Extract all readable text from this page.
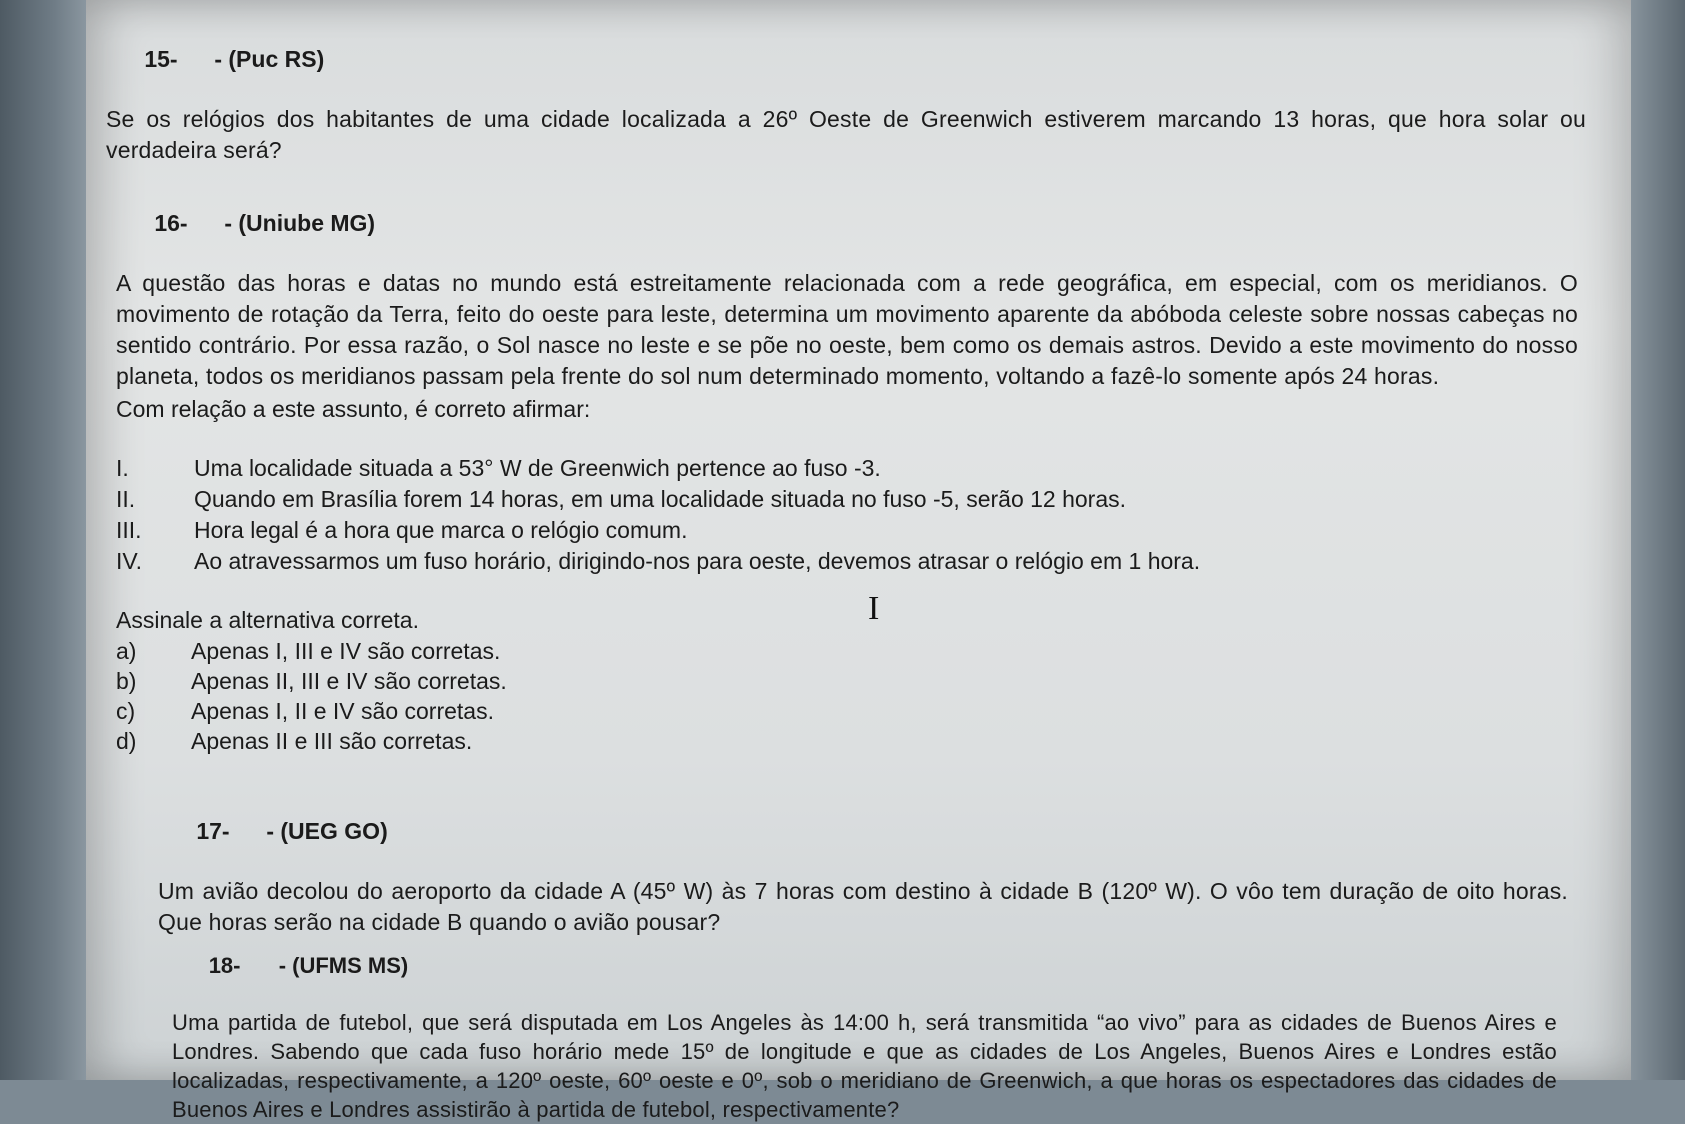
15- - (Puc RS)

Se os relógios dos habitantes de uma cidade localizada a 26º Oeste de Greenwich estiverem marcando 13 horas, que hora solar ou verdadeira será?

16- - (Uniube MG)

A questão das horas e datas no mundo está estreitamente relacionada com a rede geográfica, em especial, com os meridianos. O movimento de rotação da Terra, feito do oeste para leste, determina um movimento aparente da abóboda celeste sobre nossas cabeças no sentido contrário. Por essa razão, o Sol nasce no leste e se põe no oeste, bem como os demais astros. Devido a este movimento do nosso planeta, todos os meridianos passam pela frente do sol num determinado momento, voltando a fazê-lo somente após 24 horas.
Com relação a este assunto, é correto afirmar:
I.	Uma localidade situada a 53° W de Greenwich pertence ao fuso -3.
II.	Quando em Brasília forem 14 horas, em uma localidade situada no fuso -5, serão 12 horas.
III.	Hora legal é a hora que marca o relógio comum.
IV.	Ao atravessarmos um fuso horário, dirigindo-nos para oeste, devemos atrasar o relógio em 1 hora.
Assinale a alternativa correta.
a)	Apenas I, III e IV são corretas.
b)	Apenas II, III e IV são corretas.
c)	Apenas I, II e IV são corretas.
d)	Apenas II e III são corretas.

17- - (UEG GO)

Um avião decolou do aeroporto da cidade A (45º W) às 7 horas com destino à cidade B (120º W). O vôo tem duração de oito horas. Que horas serão na cidade B quando o avião pousar?

18- - (UFMS MS)

Uma partida de futebol, que será disputada em Los Angeles às 14:00 h, será transmitida “ao vivo” para as cidades de Buenos Aires e Londres. Sabendo que cada fuso horário mede 15º de longitude e que as cidades de Los Angeles, Buenos Aires e Londres estão localizadas, respectivamente, a 120º oeste, 60º oeste e 0º, sob o meridiano de Greenwich, a que horas os espectadores das cidades de Buenos Aires e Londres assistirão à partida de futebol, respectivamente?
I
